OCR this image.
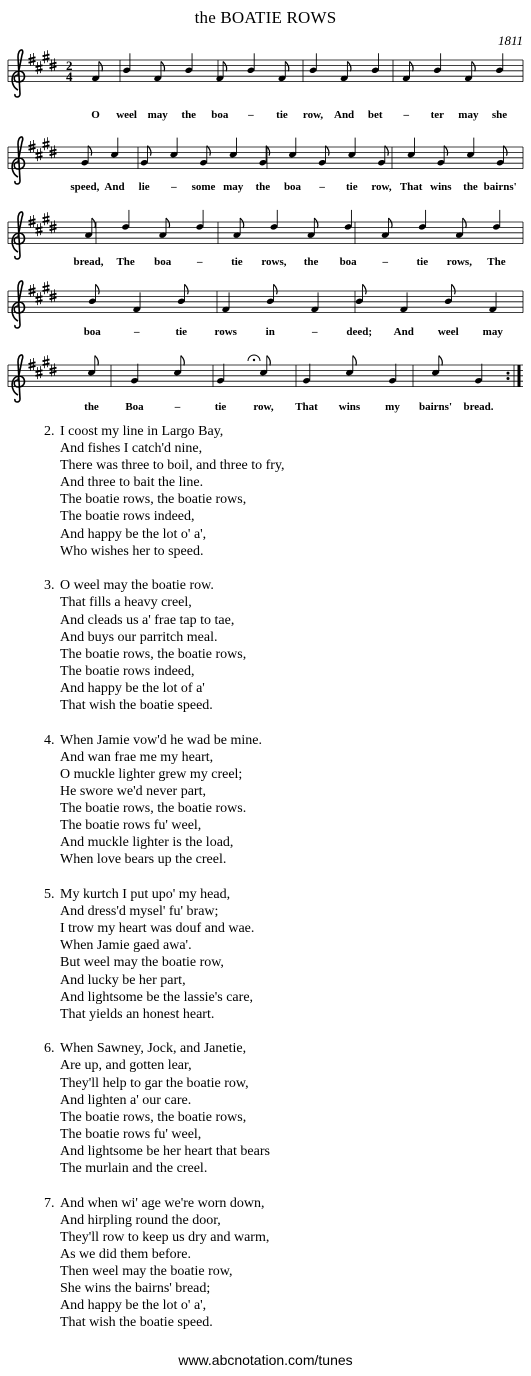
the BOATIE ROWS
1811
2
4
O weel may the boa – tie row, And bet – ter may she
speed, And lie – some may the boa – tie row, That wins the bairns'
bread, The boa –	tie rows, the boa –	tie rows, The
boa	–	tie rows	in	–	deed; And weel may
the Boa	–	tie row, That wins my bairns' bread.
2. I coost my line in Largo Bay,
And fishes I catch'd nine,
There was three to boil, and three to fry,
And three to bait the line.
The boatie rows, the boatie rows,
The boatie rows indeed,
And happy be the lot o' a',
Who wishes her to speed.
3. O weel may the boatie row.
That fills a heavy creel,
And cleads us a' frae tap to tae,
And buys our parritch meal.
The boatie rows, the boatie rows,
The boatie rows indeed,
And happy be the lot of a'
That wish the boatie speed.
4. When Jamie vow'd he wad be mine.
And wan frae me my heart,
O muckle lighter grew my creel;
He swore we'd never part,
The boatie rows, the boatie rows.
The boatie rows fu' weel,
And muckle lighter is the load,
When love bears up the creel.
5. My kurtch I put upo' my head,
And dress'd mysel' fu' braw;
I trow my heart was douf and wae.
When Jamie gaed awa'.
But weel may the boatie row,
And lucky be her part,
And lightsome be the lassie's care,
That yields an honest heart.
6. When Sawney, Jock, and Janetie,
Are up, and gotten lear,
They'll help to gar the boatie row,
And lighten a' our care.
The boatie rows, the boatie rows,
The boatie rows fu' weel,
And lightsome be her heart that bears
The murlain and the creel.
7. And when wi' age we're worn down,
And hirpling round the door,
They'll row to keep us dry and warm,
As we did them before.
Then weel may the boatie row,
She wins the bairns' bread;
And happy be the lot o' a',
That wish the boatie speed.
www.abcnotation.com/tunes
